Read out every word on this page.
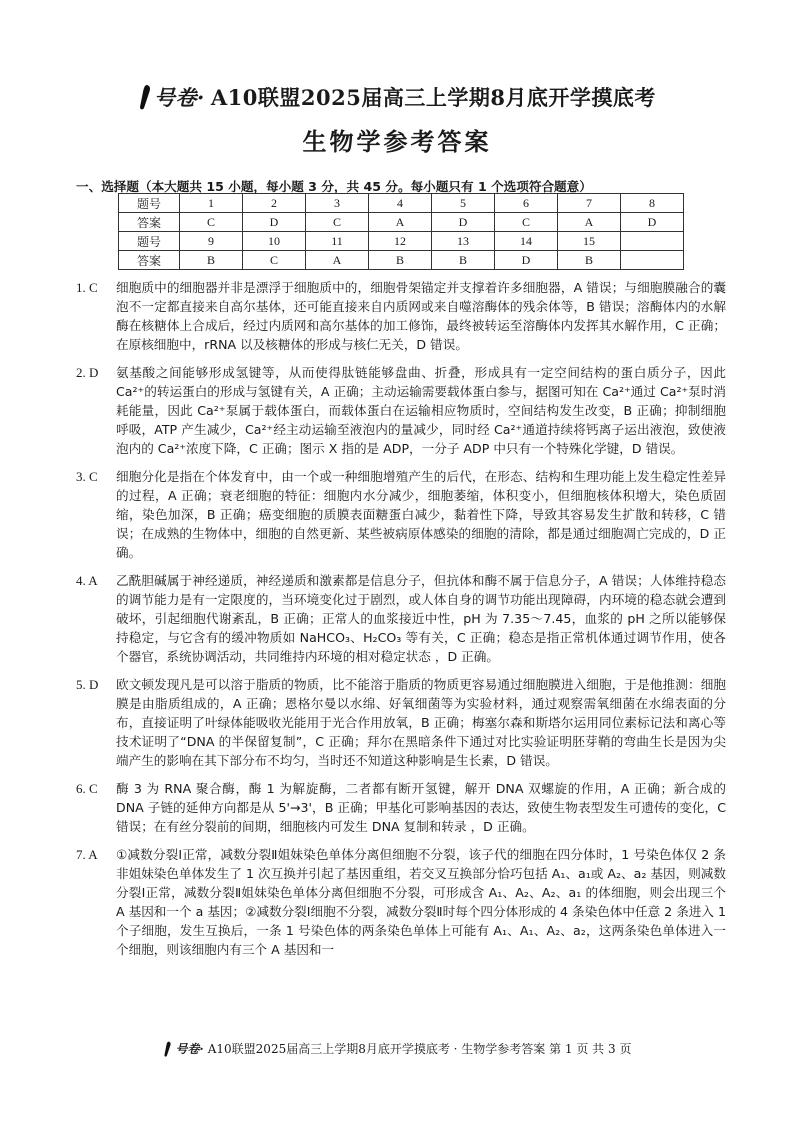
号卷· A10联盟2025届高三上学期8月底开学摸底考
生物学参考答案
一、选择题（本大题共 15 小题，每小题 3 分，共 45 分。每小题只有 1 个选项符合题意）
题号	1	2	3	4	5	6	7	8
答案	C	D	C	A	D	C	A	D
题号	9	10	11	12	13	14	15	
答案	B	C	A	B	B	D	B	
1. C	细胞质中的细胞器并非是漂浮于细胞质中的，细胞骨架锚定并支撑着许多细胞器，A 错误；与细胞膜融合的囊泡不一定都直接来自高尔基体，还可能直接来自内质网或来自噬溶酶体的残余体等，B 错误；溶酶体内的水解酶在核糖体上合成后，经过内质网和高尔基体的加工修饰，最终被转运至溶酶体内发挥其水解作用，C 正确；在原核细胞中，rRNA 以及核糖体的形成与核仁无关，D 错误。
2. D	氨基酸之间能够形成氢键等，从而使得肽链能够盘曲、折叠，形成具有一定空间结构的蛋白质分子，因此 Ca²⁺的转运蛋白的形成与氢键有关，A 正确；主动运输需要载体蛋白参与，据图可知在 Ca²⁺通过 Ca²⁺泵时消耗能量，因此 Ca²⁺泵属于载体蛋白，而载体蛋白在运输相应物质时，空间结构发生改变，B 正确；抑制细胞呼吸，ATP 产生减少，Ca²⁺经主动运输至液泡内的量减少，同时经 Ca²⁺通道持续将钙离子运出液泡，致使液泡内的 Ca²⁺浓度下降，C 正确；图示 X 指的是 ADP，一分子 ADP 中只有一个特殊化学键，D 错误。
3. C	细胞分化是指在个体发育中，由一个或一种细胞增殖产生的后代，在形态、结构和生理功能上发生稳定性差异的过程，A 正确；衰老细胞的特征：细胞内水分减少，细胞萎缩，体积变小，但细胞核体积增大，染色质固缩，染色加深，B 正确；癌变细胞的质膜表面糖蛋白减少，黏着性下降，导致其容易发生扩散和转移，C 错误；在成熟的生物体中，细胞的自然更新、某些被病原体感染的细胞的清除，都是通过细胞凋亡完成的，D 正确。
4. A	乙酰胆碱属于神经递质，神经递质和激素都是信息分子，但抗体和酶不属于信息分子，A 错误；人体维持稳态的调节能力是有一定限度的，当环境变化过于剧烈，或人体自身的调节功能出现障碍，内环境的稳态就会遭到破坏，引起细胞代谢紊乱，B 正确；正常人的血浆接近中性，pH 为 7.35～7.45，血浆的 pH 之所以能够保持稳定，与它含有的缓冲物质如 NaHCO₃、H₂CO₃ 等有关，C 正确；稳态是指正常机体通过调节作用，使各个器官，系统协调活动，共同维持内环境的相对稳定状态 ，D 正确。
5. D	欧文顿发现凡是可以溶于脂质的物质，比不能溶于脂质的物质更容易通过细胞膜进入细胞，于是他推测：细胞膜是由脂质组成的，A 正确；恩格尔曼以水绵、好氧细菌等为实验材料，通过观察需氧细菌在水绵表面的分布，直接证明了叶绿体能吸收光能用于光合作用放氧，B 正确；梅塞尔森和斯塔尔运用同位素标记法和离心等技术证明了“DNA 的半保留复制”，C 正确；拜尔在黑暗条件下通过对比实验证明胚芽鞘的弯曲生长是因为尖端产生的影响在其下部分布不均匀，当时还不知道这种影响是生长素，D 错误。
6. C	酶 3 为 RNA 聚合酶，酶 1 为解旋酶，二者都有断开氢键，解开 DNA 双螺旋的作用，A 正确；新合成的 DNA 子链的延伸方向都是从 5'→3'，B 正确；甲基化可影响基因的表达，致使生物表型发生可遗传的变化，C 错误；在有丝分裂前的间期，细胞核内可发生 DNA 复制和转录 ，D 正确。
7. A	①减数分裂Ⅰ正常，减数分裂Ⅱ姐妹染色单体分离但细胞不分裂，该子代的细胞在四分体时，1 号染色体仅 2 条非姐妹染色单体发生了 1 次互换并引起了基因重组，若交叉互换部分恰巧包括 A₁、a₁或 A₂、a₂ 基因，则减数分裂Ⅰ正常，减数分裂Ⅱ姐妹染色单体分离但细胞不分裂，可形成含 A₁、A₂、A₂、a₁ 的体细胞，则会出现三个 A 基因和一个 a 基因；②减数分裂Ⅰ细胞不分裂，减数分裂Ⅱ时每个四分体形成的 4 条染色体中任意 2 条进入 1 个子细胞，发生互换后，一条 1 号染色体的两条染色单体上可能有 A₁、A₁、A₂、a₂，这两条染色单体进入一个细胞，则该细胞内有三个 A 基因和一
号卷· A10联盟2025届高三上学期8月底开学摸底考 · 生物学参考答案 第 1 页 共 3 页
